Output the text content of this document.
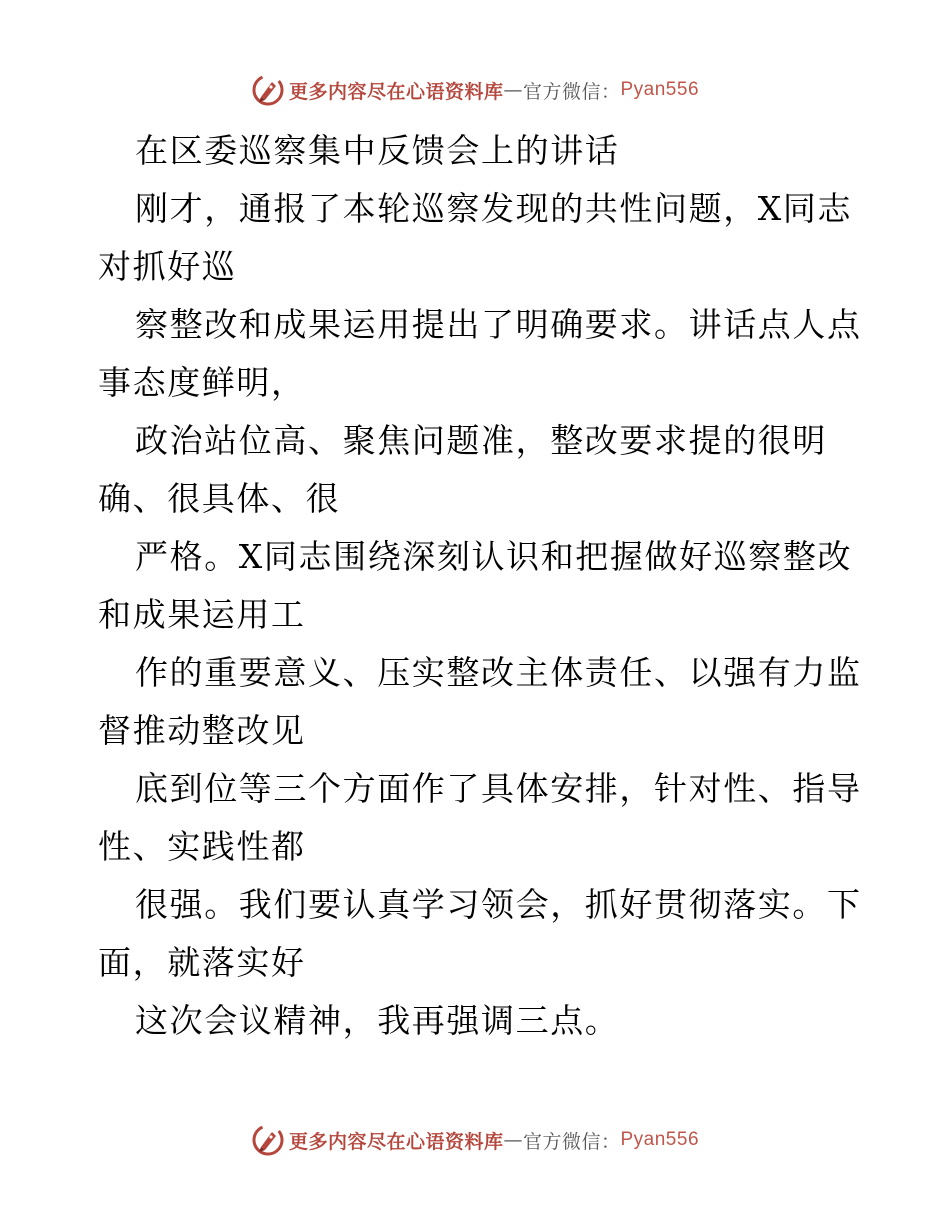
更多内容尽在心语资料库 — 官方微信： Pyan556
在区委巡察集中反馈会上的讲话
刚才，通报了本轮巡察发现的共性问题，X同志
对抓好巡
察整改和成果运用提出了明确要求。讲话点人点
事态度鲜明，
政治站位高、聚焦问题准，整改要求提的很明
确、很具体、很
严格。X同志围绕深刻认识和把握做好巡察整改
和成果运用工
作的重要意义、压实整改主体责任、以强有力监
督推动整改见
底到位等三个方面作了具体安排，针对性、指导
性、实践性都
很强。我们要认真学习领会，抓好贯彻落实。下
面，就落实好
这次会议精神，我再强调三点。
更多内容尽在心语资料库 — 官方微信： Pyan556
